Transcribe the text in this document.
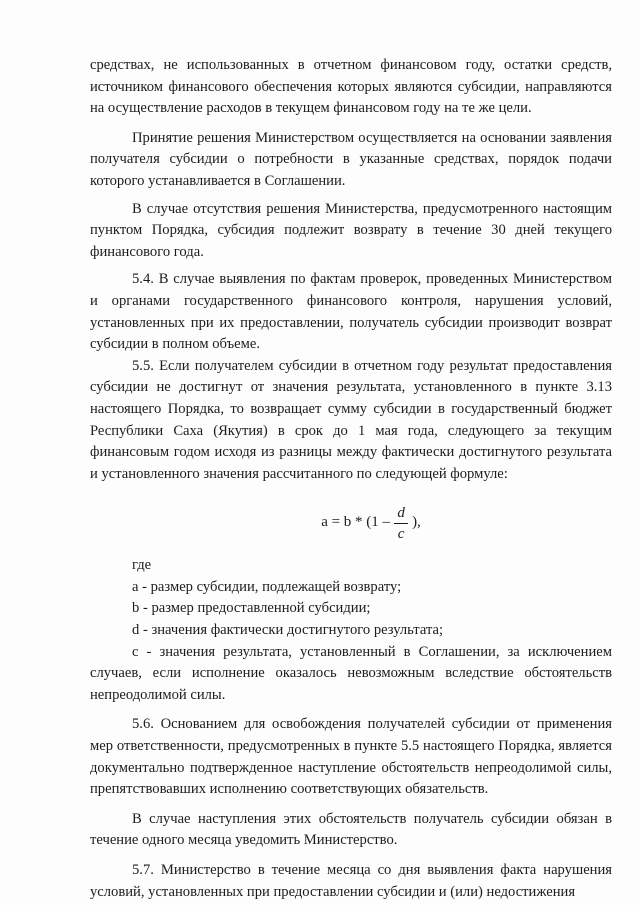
средствах, не использованных в отчетном финансовом году, остатки средств, источником финансового обеспечения которых являются субсидии, направляются на осуществление расходов в текущем финансовом году на те же цели.

Принятие решения Министерством осуществляется на основании заявления получателя субсидии о потребности в указанные средствах, порядок подачи которого устанавливается в Соглашении.

В случае отсутствия решения Министерства, предусмотренного настоящим пунктом Порядка, субсидия подлежит возврату в течение 30 дней текущего финансового года.

5.4. В случае выявления по фактам проверок, проведенных Министерством и органами государственного финансового контроля, нарушения условий, установленных при их предоставлении, получатель субсидии производит возврат субсидии в полном объеме.

5.5. Если получателем субсидии в отчетном году результат предоставления субсидии не достигнут от значения результата, установленного в пункте 3.13 настоящего Порядка, то возвращает сумму субсидии в государственный бюджет Республики Саха (Якутия) в срок до 1 мая года, следующего за текущим финансовым годом исходя из разницы между фактически достигнутого результата и установленного значения рассчитанного по следующей формуле:

$a = b * (1 - \frac{d}{c}$ ),

где

a - размер субсидии, подлежащей возврату;

b - размер предоставленной субсидии;

d - значения фактически достигнутого результата;

c - значения результата, установленный в Соглашении, за исключением случаев, если исполнение оказалось невозможным вследствие обстоятельств непреодолимой силы.

5.6. Основанием для освобождения получателей субсидии от применения мер ответственности, предусмотренных в пункте 5.5 настоящего Порядка, является документально подтвержденное наступление обстоятельств непреодолимой силы, препятствовавших исполнению соответствующих обязательств.

В случае наступления этих обстоятельств получатель субсидии обязан в течение одного месяца уведомить Министерство.

5.7. Министерство в течение месяца со дня выявления факта нарушения условий, установленных при предоставлении субсидии и (или) недостижения
